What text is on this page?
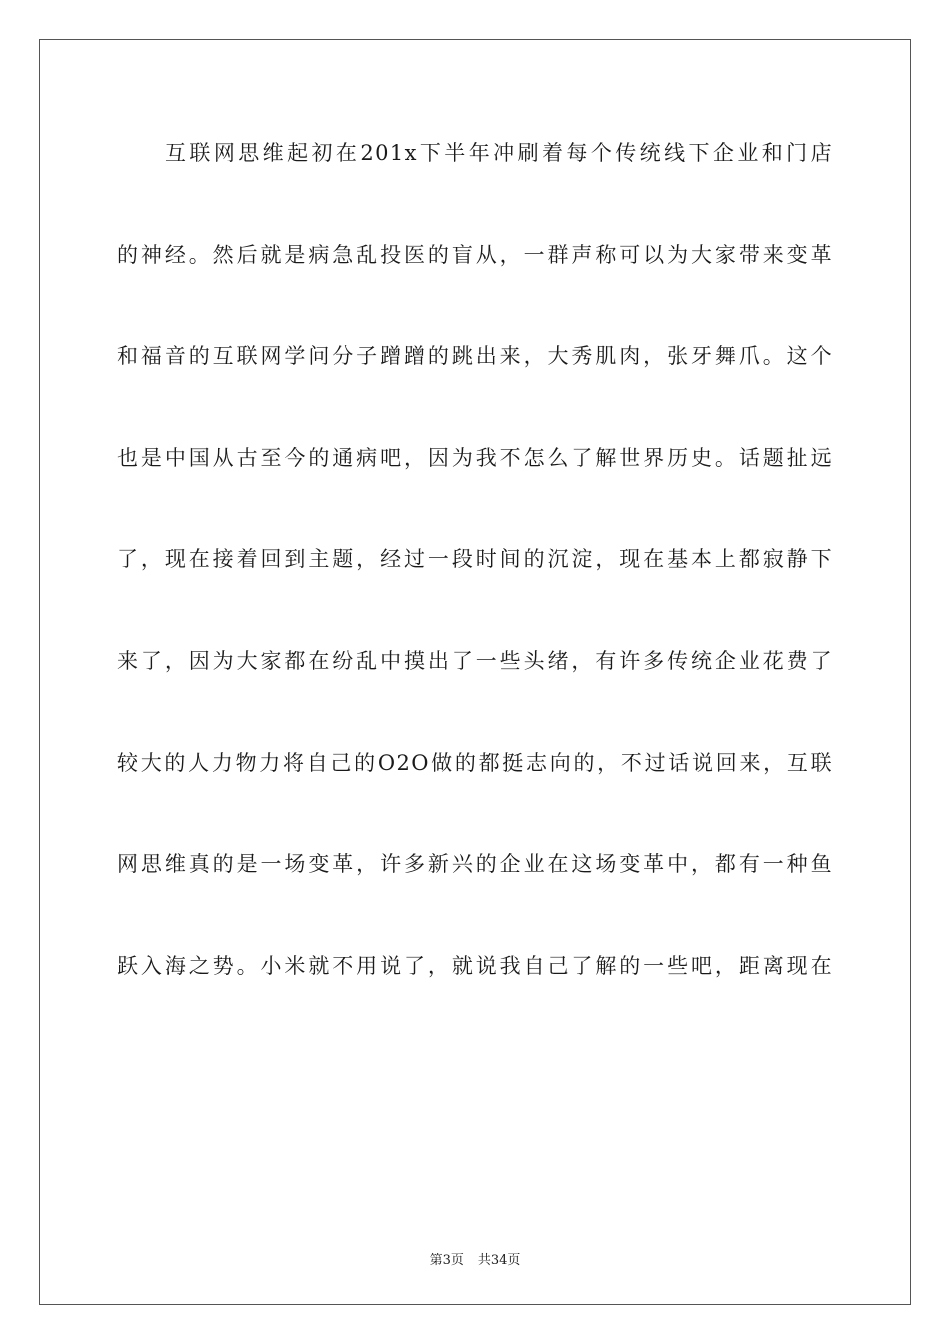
互联网思维起初在201x下半年冲刷着每个传统线下企业和门店
的神经。然后就是病急乱投医的盲从，一群声称可以为大家带来变革
和福音的互联网学问分子蹭蹭的跳出来，大秀肌肉，张牙舞爪。这个
也是中国从古至今的通病吧，因为我不怎么了解世界历史。话题扯远
了，现在接着回到主题，经过一段时间的沉淀，现在基本上都寂静下
来了，因为大家都在纷乱中摸出了一些头绪，有许多传统企业花费了
较大的人力物力将自己的O2O做的都挺志向的，不过话说回来，互联
网思维真的是一场变革，许多新兴的企业在这场变革中，都有一种鱼
跃入海之势。小米就不用说了，就说我自己了解的一些吧，距离现在
第3页 共34页
